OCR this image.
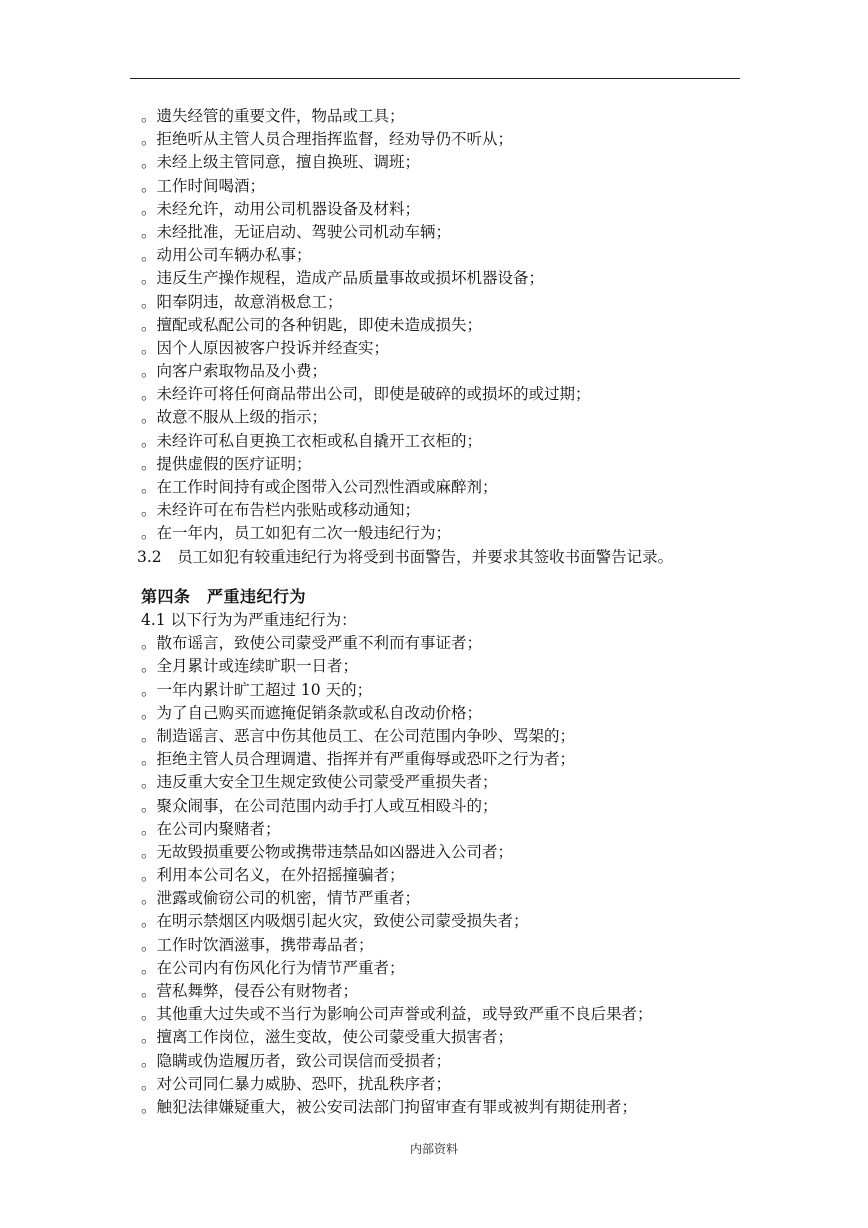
。遗失经管的重要文件，物品或工具；
。拒绝听从主管人员合理指挥监督，经劝导仍不听从；
。未经上级主管同意，擅自换班、调班；
。工作时间喝酒；
。未经允许，动用公司机器设备及材料；
。未经批准，无证启动、驾驶公司机动车辆；
。动用公司车辆办私事；
。违反生产操作规程，造成产品质量事故或损坏机器设备；
。阳奉阴违，故意消极怠工；
。擅配或私配公司的各种钥匙，即使未造成损失；
。因个人原因被客户投诉并经查实；
。向客户索取物品及小费；
。未经许可将任何商品带出公司，即使是破碎的或损坏的或过期；
。故意不服从上级的指示；
。未经许可私自更换工衣柜或私自撬开工衣柜的；
。提供虚假的医疗证明；
。在工作时间持有或企图带入公司烈性酒或麻醉剂；
。未经许可在布告栏内张贴或移动通知；
。在一年内，员工如犯有二次一般违纪行为；
3.2　员工如犯有较重违纪行为将受到书面警告，并要求其签收书面警告记录。
第四条　严重违纪行为
4.1 以下行为为严重违纪行为：
。散布谣言，致使公司蒙受严重不利而有事证者；
。全月累计或连续旷职一日者；
。一年内累计旷工超过 10 天的；
。为了自己购买而遮掩促销条款或私自改动价格；
。制造谣言、恶言中伤其他员工、在公司范围内争吵、骂架的；
。拒绝主管人员合理调遣、指挥并有严重侮辱或恐吓之行为者；
。违反重大安全卫生规定致使公司蒙受严重损失者；
。聚众闹事，在公司范围内动手打人或互相殴斗的；
。在公司内聚赌者；
。无故毁损重要公物或携带违禁品如凶器进入公司者；
。利用本公司名义，在外招摇撞骗者；
。泄露或偷窃公司的机密，情节严重者；
。在明示禁烟区内吸烟引起火灾，致使公司蒙受损失者；
。工作时饮酒滋事，携带毒品者；
。在公司内有伤风化行为情节严重者；
。营私舞弊，侵吞公有财物者；
。其他重大过失或不当行为影响公司声誉或利益，或导致严重不良后果者；
。擅离工作岗位，滋生变故，使公司蒙受重大损害者；
。隐瞒或伪造履历者，致公司误信而受损者；
。对公司同仁暴力威胁、恐吓，扰乱秩序者；
。触犯法律嫌疑重大，被公安司法部门拘留审查有罪或被判有期徒刑者；
内部资料
